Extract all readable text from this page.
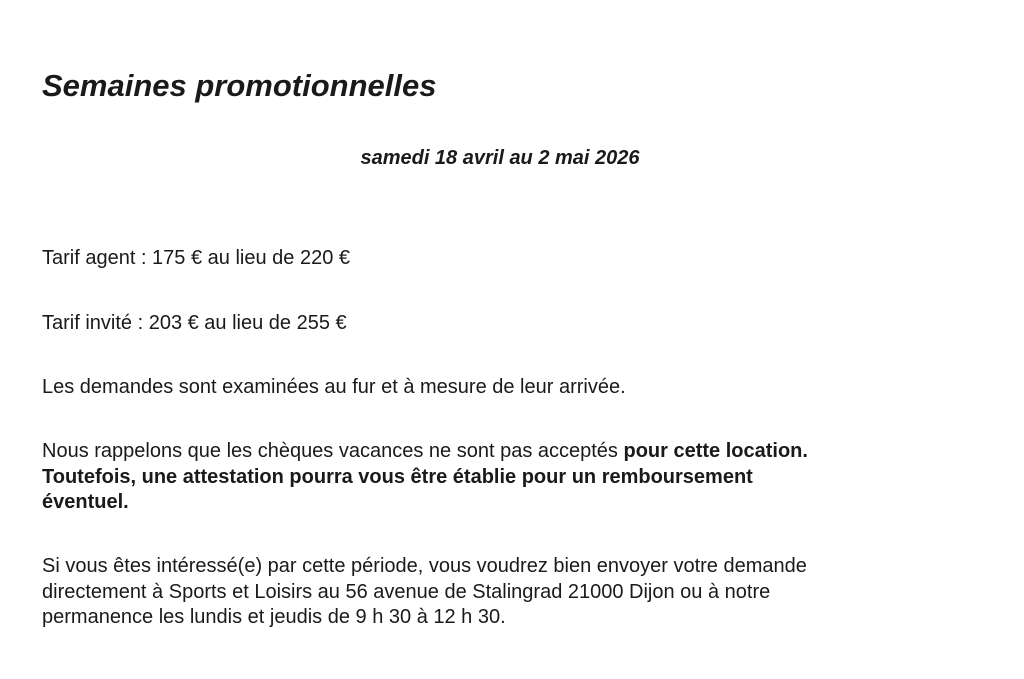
Semaines promotionnelles

samedi 18 avril au 2 mai 2026

Tarif agent : 175 € au lieu de 220 €

Tarif invité : 203 € au lieu de 255 €

Les demandes sont examinées au fur et à mesure de leur arrivée.

Nous rappelons que les chèques vacances ne sont pas acceptés pour cette location.
Toutefois, une attestation pourra vous être établie pour un remboursement
éventuel.

Si vous êtes intéressé(e) par cette période, vous voudrez bien envoyer votre demande
directement à Sports et Loisirs au 56 avenue de Stalingrad 21000 Dijon ou à notre
permanence les lundis et jeudis de 9 h 30 à 12 h 30.
